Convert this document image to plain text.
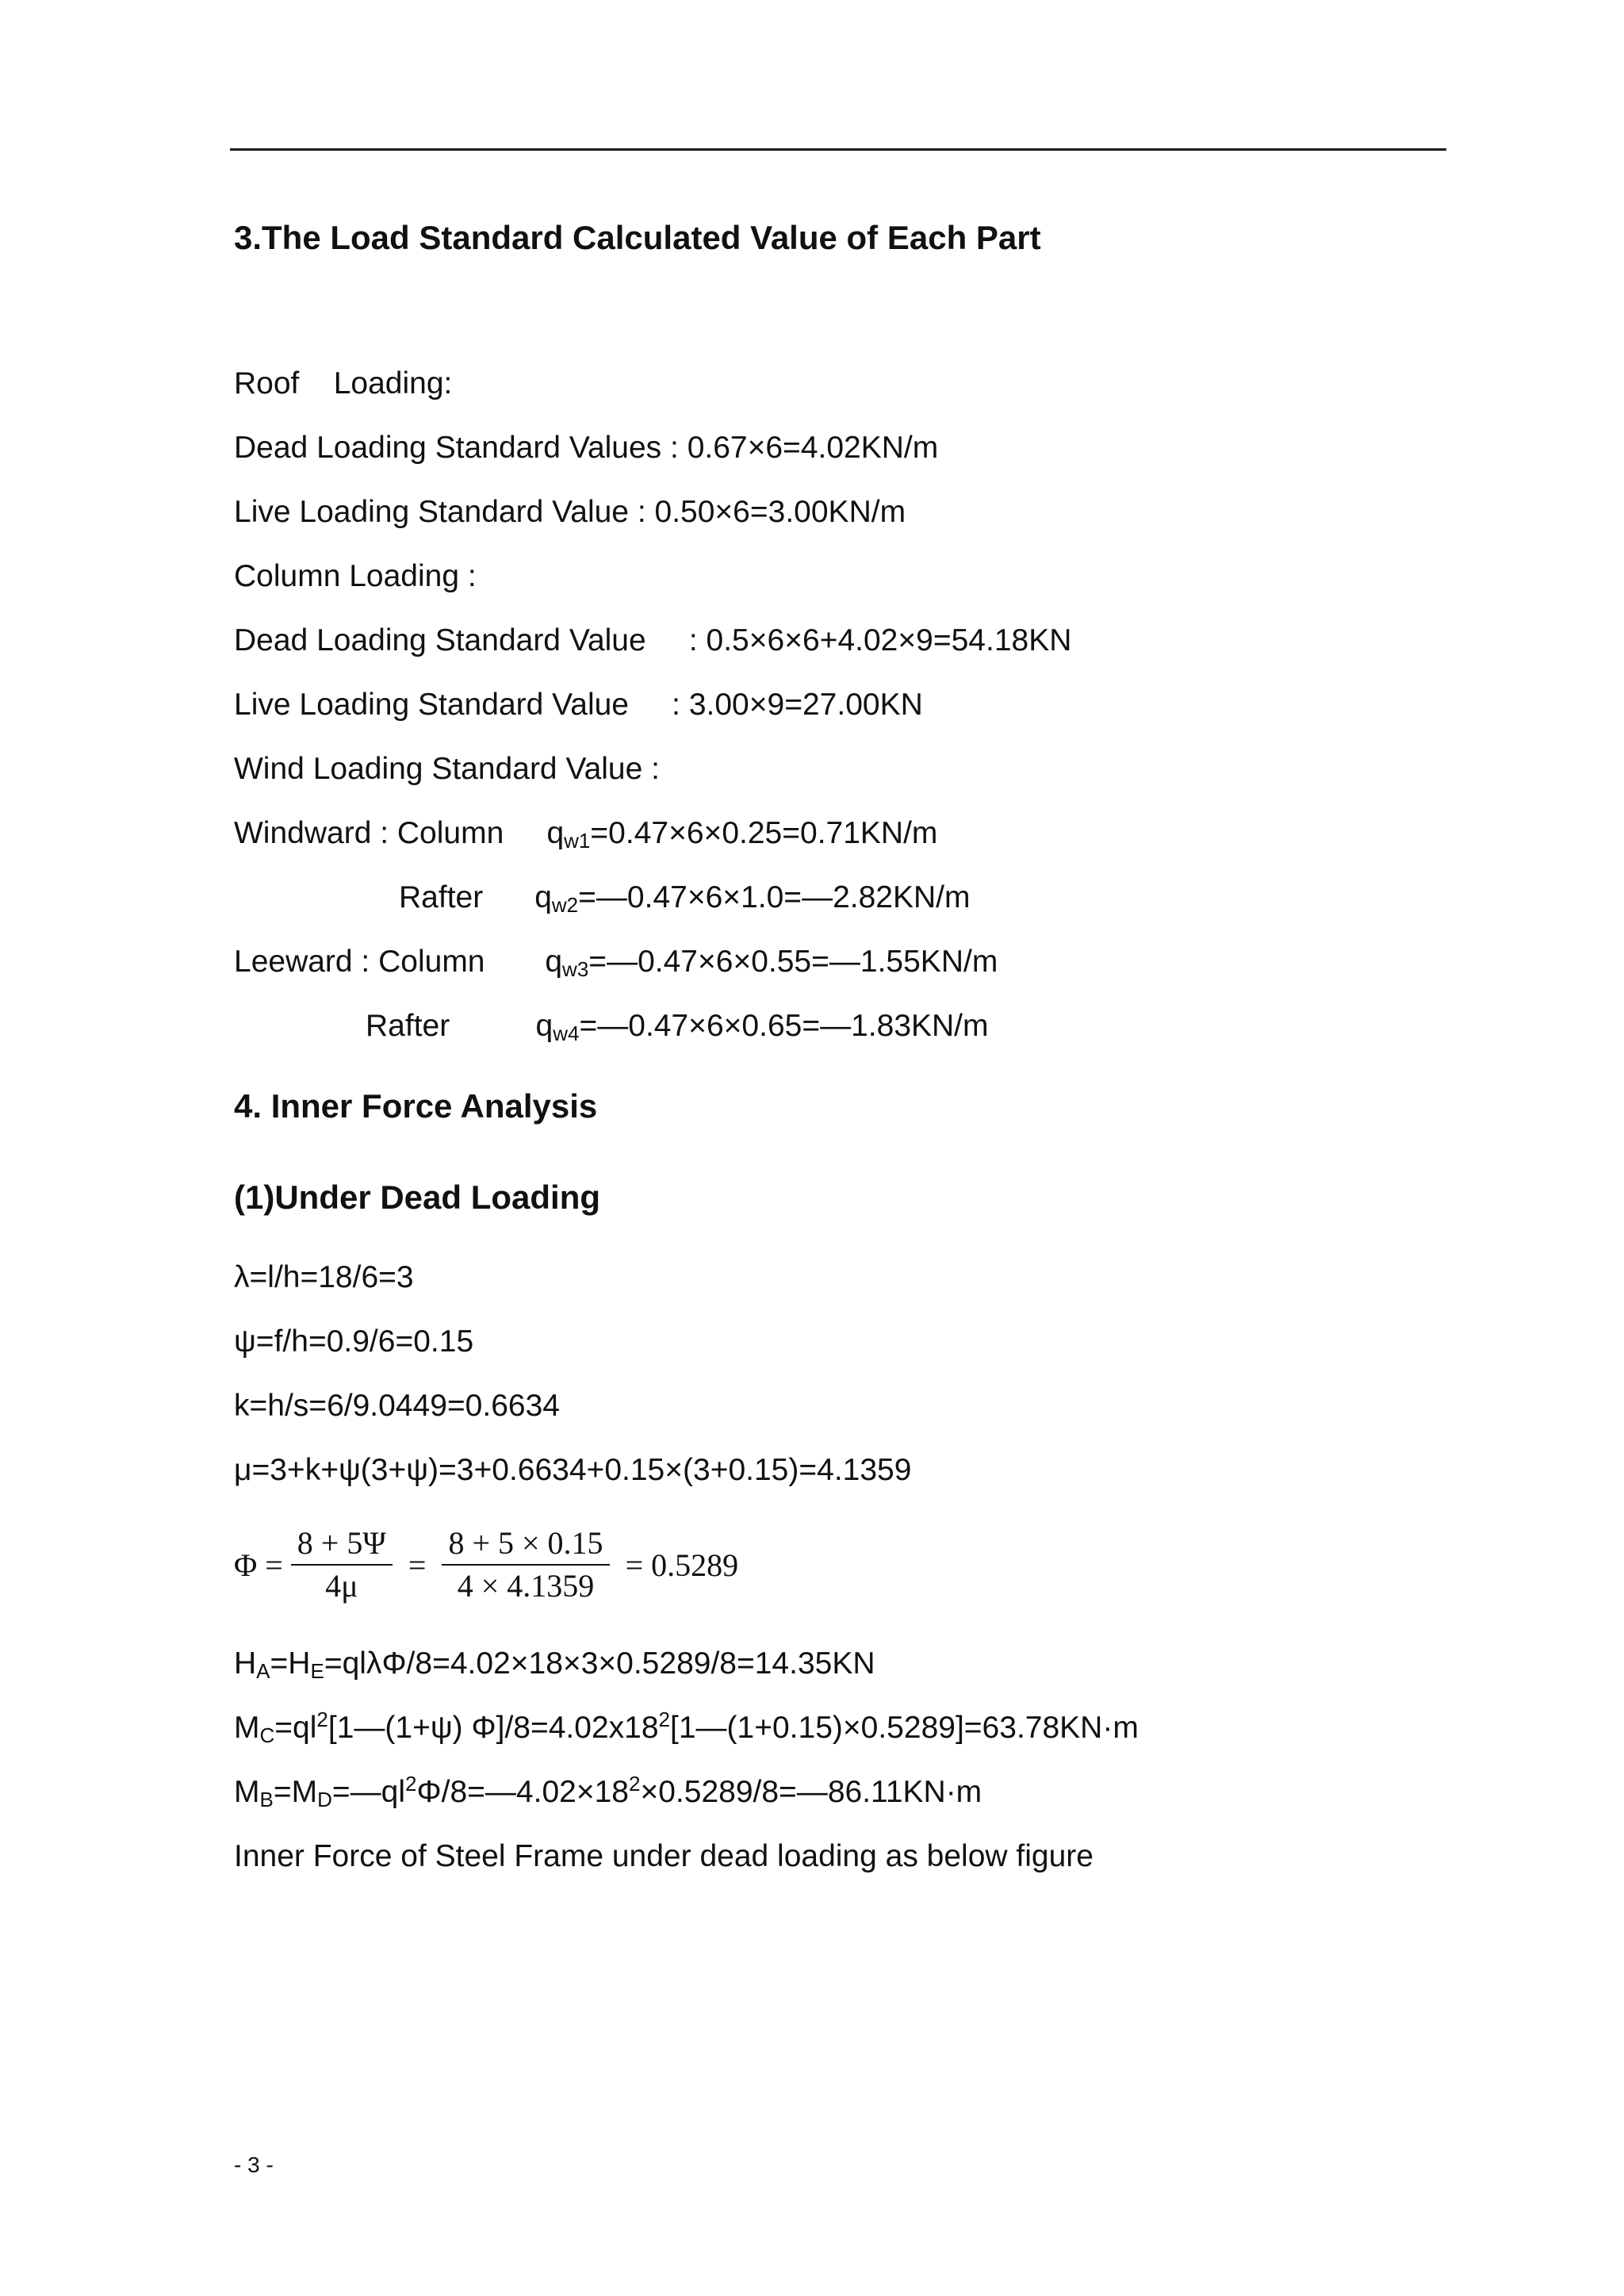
3.The Load Standard Calculated Value of Each Part
Roof    Loading:
Dead Loading Standard Values : 0.67×6=4.02KN/m
Live Loading Standard Value : 0.50×6=3.00KN/m
Column Loading :
Dead Loading Standard Value     : 0.5×6×6+4.02×9=54.18KN
Live Loading Standard Value     : 3.00×9=27.00KN
Wind Loading Standard Value :
Windward : Column     $q_{w1}=0.47\times 6\times 0.25=0.71KN/m$
Rafter      $q_{w2}=—0.47\times 6\times 1.0=—2.82KN/m$
Leeward : Column       $q_{w3}=—0.47\times 6\times 0.55=—1.55KN/m$
Rafter          $q_{w4}=—0.47\times 6\times 0.65=—1.83KN/m$
4. Inner Force Analysis
(1)Under Dead Loading
λ=l/h=18/6=3
ψ=f/h=0.9/6=0.15
k=h/s=6/9.0449=0.6634
μ=3+k+ψ(3+ψ)=3+0.6634+0.15×(3+0.15)=4.1359
$\Phi = \frac{8 + 5\Psi}{4\mu} = \frac{8 + 5 \times 0.15}{4 \times 4.1359} = 0.5289$
$H_A=H_E=ql\lambda\Phi/8=4.02\times 18\times 3\times 0.5289/8=14.35KN$
$M_C=ql^2[1—(1+\psi)$ $\Phi]/8=4.02x18^2[1—(1+0.15)\times 0.5289]=63.78KN\cdot m$
$M_B=M_D=—ql^2\Phi/8=—4.02\times 18^2\times 0.5289/8=—86.11KN\cdot m$
Inner Force of Steel Frame under dead loading as below figure
- 3 -
